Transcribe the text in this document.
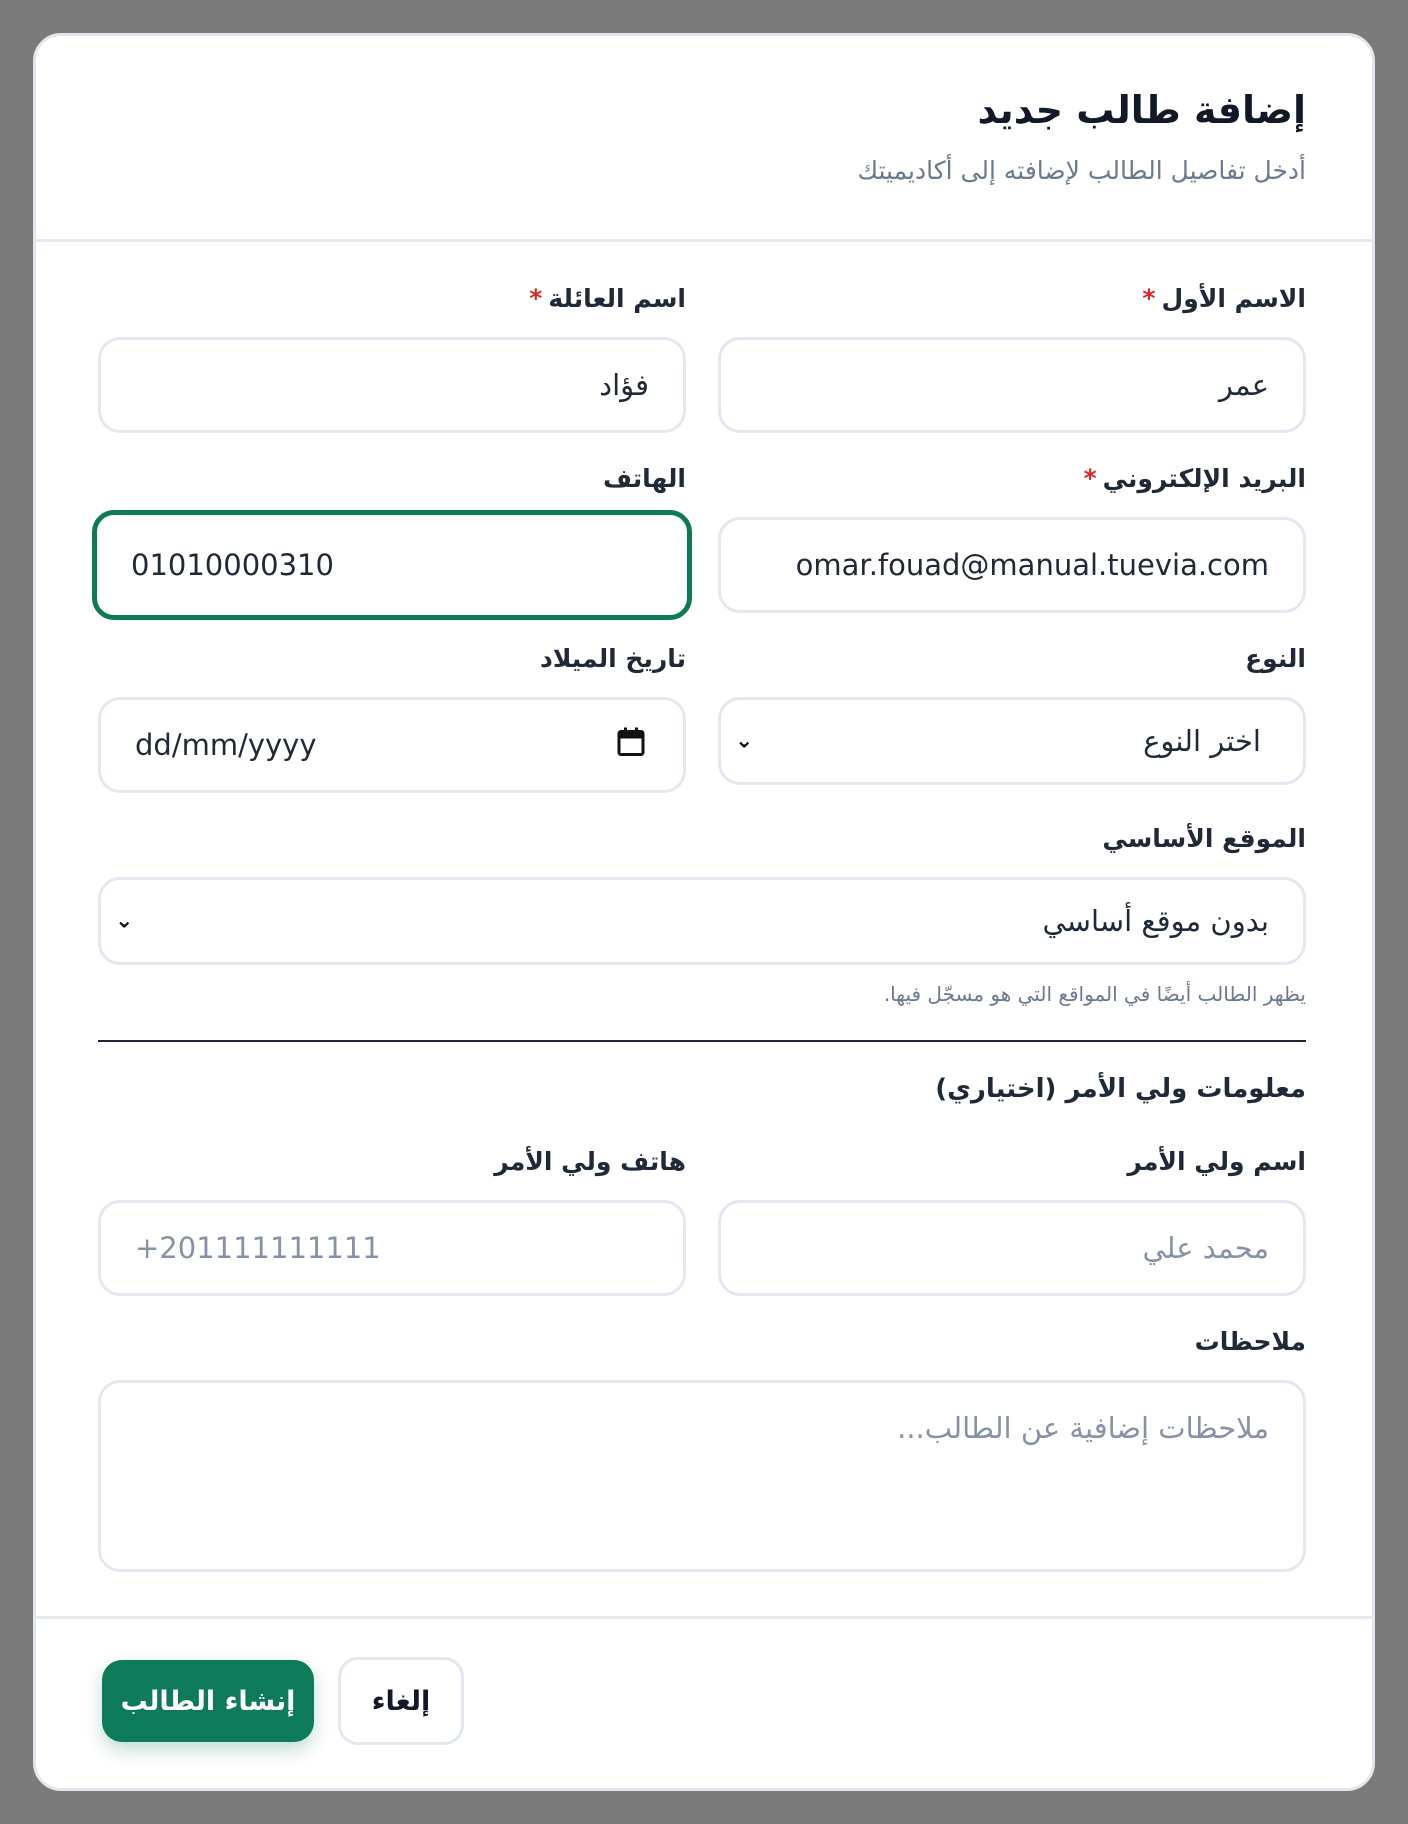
إضافة طالب جديد
أدخل تفاصيل الطالب لإضافته إلى أكاديميتك
الاسم الأول*
عمر
اسم العائلة*
فؤاد
البريد الإلكتروني*
omar.fouad@manual.tuevia.com
الهاتف
01010000310
النوع
اختر النوع
⌄
تاريخ الميلاد
dd/mm/yyyy
الموقع الأساسي
بدون موقع أساسي
⌄
يظهر الطالب أيضًا في المواقع التي هو مسجّل فيها.
معلومات ولي الأمر (اختياري)
اسم ولي الأمر
محمد علي
هاتف ولي الأمر
+201111111111
ملاحظات
ملاحظات إضافية عن الطالب...
إلغاء
إنشاء الطالب
